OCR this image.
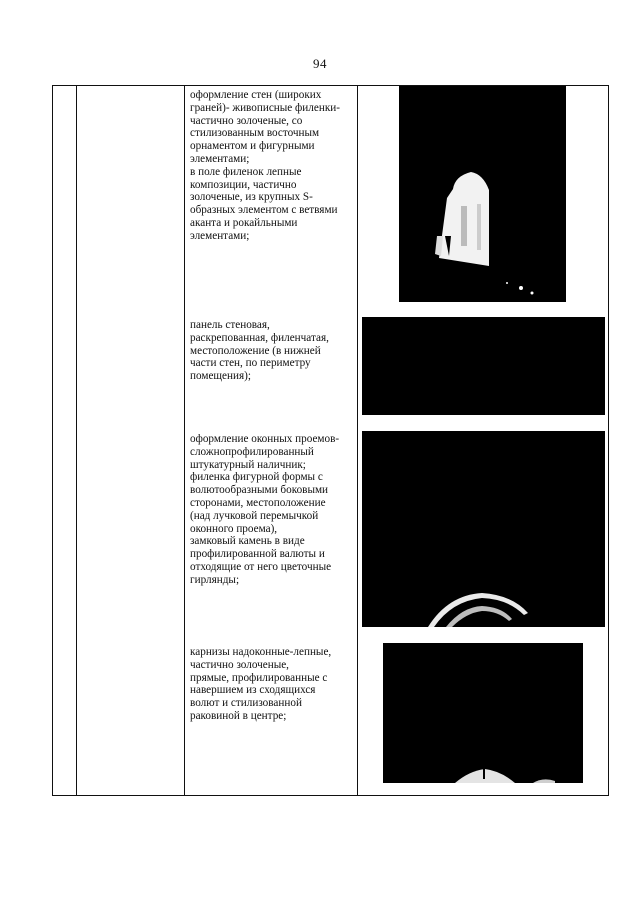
94
оформление стен (широких
граней)- живописные филенки-
частично золоченые, со
стилизованным восточным
орнаментом и фигурными
элементами;
в поле филенок лепные
композиции, частично
золоченые, из крупных S-
образных элементом с ветвями
аканта и рокайльными
элементами;
панель стеновая,
раскрепованная, филенчатая,
местоположение (в нижней
части стен, по периметру
помещения);
оформление оконных проемов-
сложнопрофилированный
штукатурный наличник;
филенка фигурной формы с
волютообразными боковыми
сторонами, местоположение
(над лучковой перемычкой
оконного проема),
замковый камень в виде
профилированной валюты и
отходящие от него цветочные
гирлянды;
карнизы надоконные-лепные,
частично золоченые,
прямые, профилированные с
навершием из сходящихся
волют и стилизованной
раковиной в центре;
